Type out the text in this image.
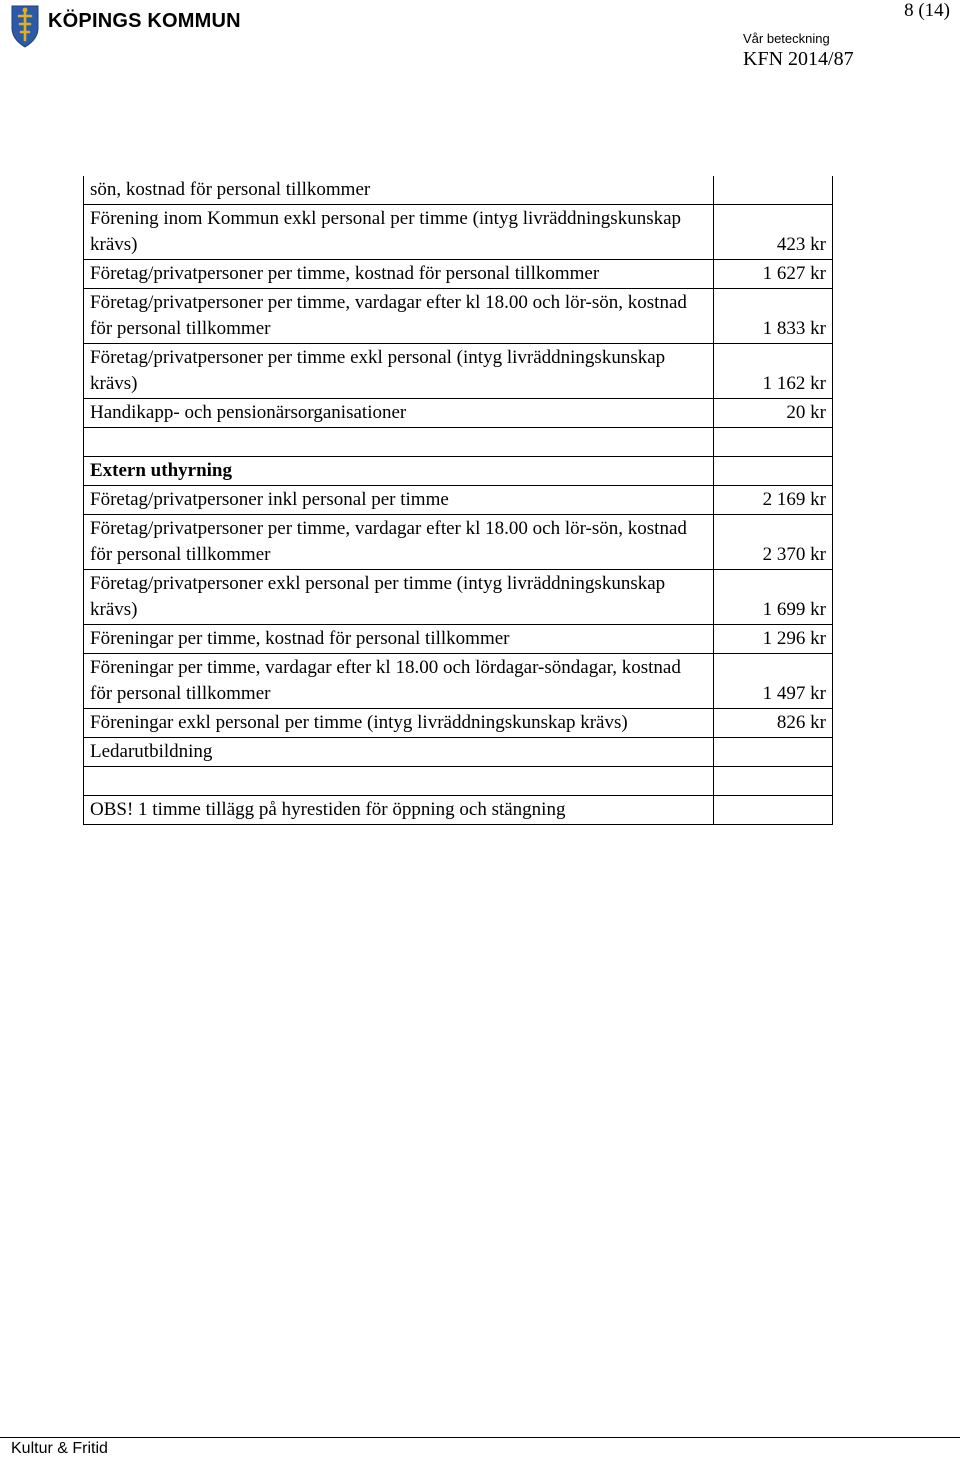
KÖPINGS KOMMUN	8 (14)
Vår beteckning
KFN 2014/87
sön, kostnad för personal tillkommer	
Förening inom Kommun exkl personal per timme (intyg livräddningskunskap krävs)	423 kr
Företag/privatpersoner per timme, kostnad för personal tillkommer	1 627 kr
Företag/privatpersoner per timme, vardagar efter kl 18.00 och lör-sön, kostnad för personal tillkommer	1 833 kr
Företag/privatpersoner per timme exkl personal (intyg livräddningskunskap krävs)	1 162 kr
Handikapp- och pensionärsorganisationer	20 kr

Extern uthyrning	
Företag/privatpersoner inkl personal per timme	2 169 kr
Företag/privatpersoner per timme, vardagar efter kl 18.00 och lör-sön, kostnad för personal tillkommer	2 370 kr
Företag/privatpersoner exkl personal per timme (intyg livräddningskunskap krävs)	1 699 kr
Föreningar per timme, kostnad för personal tillkommer	1 296 kr
Föreningar per timme, vardagar efter kl 18.00 och lördagar-söndagar, kostnad för personal tillkommer	1 497 kr
Föreningar exkl personal per timme (intyg livräddningskunskap krävs)	826 kr
Ledarutbildning	

OBS! 1 timme tillägg på hyrestiden för öppning och stängning	
Kultur & Fritid
